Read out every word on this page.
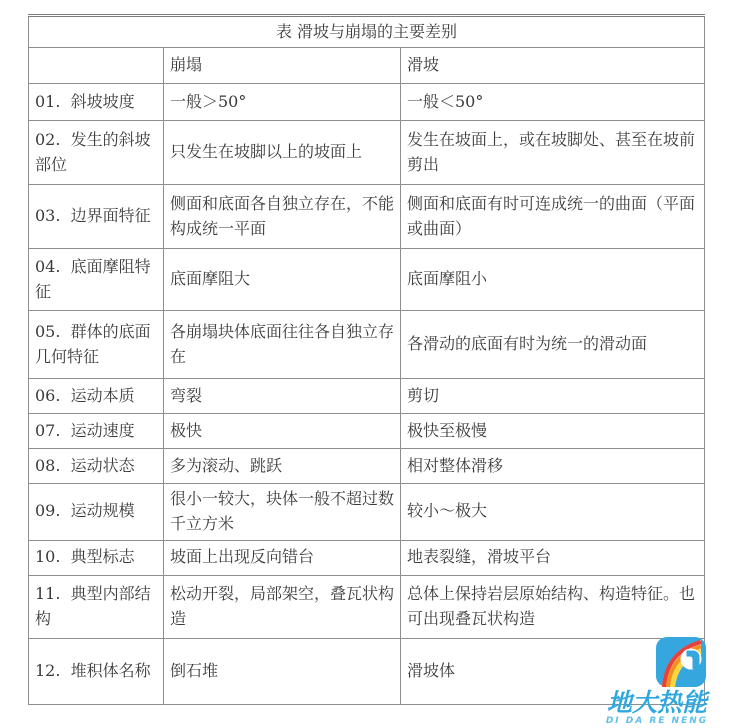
表 滑坡与崩塌的主要差别		
	崩塌	滑坡
01.  斜坡坡度	一般＞50°	一般＜50°
02.  发生的斜坡部位	只发生在坡脚以上的坡面上	发生在坡面上，或在坡脚处、甚至在坡前剪出
03.  边界面特征	侧面和底面各自独立存在，不能构成统一平面	侧面和底面有时可连成统一的曲面（平面或曲面）
04.  底面摩阻特征	底面摩阻大	底面摩阻小
05.  群体的底面几何特征	各崩塌块体底面往往各自独立存在	各滑动的底面有时为统一的滑动面
06.  运动本质	弯裂	剪切
07.  运动速度	极快	极快至极慢
08.  运动状态	多为滚动、跳跃	相对整体滑移
09.  运动规模	很小一较大，块体一般不超过数千立方米	较小～极大
10.  典型标志	坡面上出现反向错台	地表裂缝，滑坡平台
11.  典型内部结构	松动开裂，局部架空，叠瓦状构造	总体上保持岩层原始结构、构造特征。也可出现叠瓦状构造
12.  堆积体名称	倒石堆	滑坡体
地大热能
DI DA RE NENG
